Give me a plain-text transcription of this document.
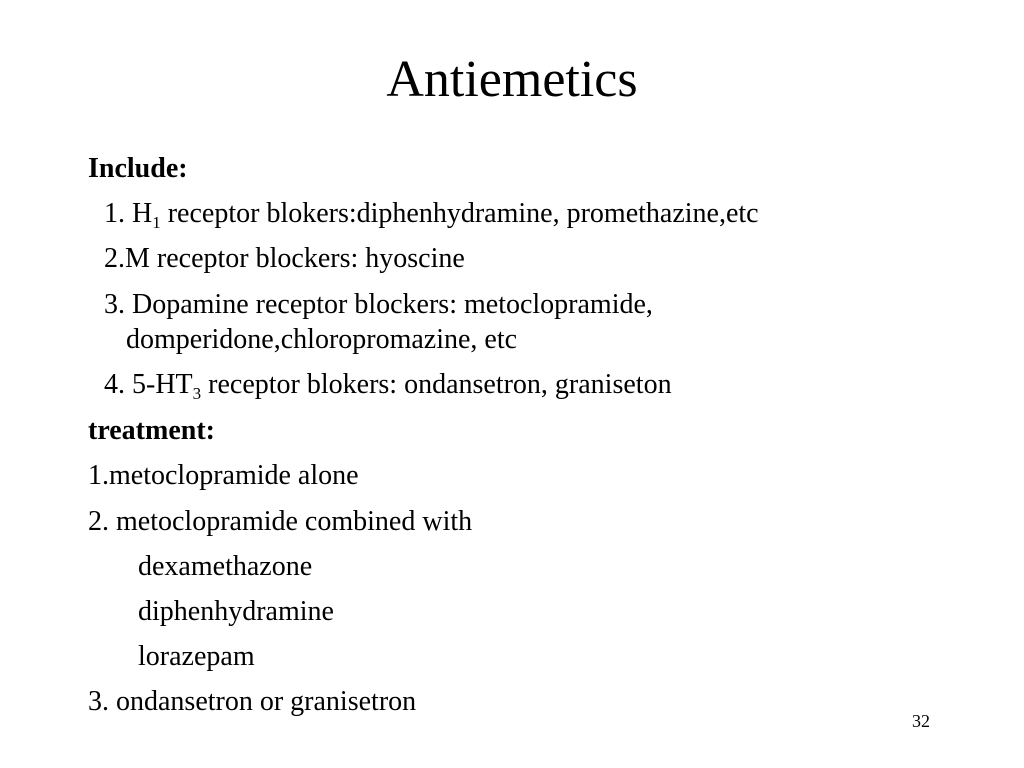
Antiemetics

Include:

1. $H_1$ receptor blokers:diphenhydramine, promethazine,etc

2.M receptor blockers: hyoscine

3. Dopamine receptor blockers: metoclopramide,

domperidone,chloropromazine, etc

4. $5-HT_3$ receptor blokers: ondansetron, graniseton

treatment:

1.metoclopramide alone

2. metoclopramide combined with

dexamethazone

diphenhydramine

lorazepam

3. ondansetron or granisetron

32
